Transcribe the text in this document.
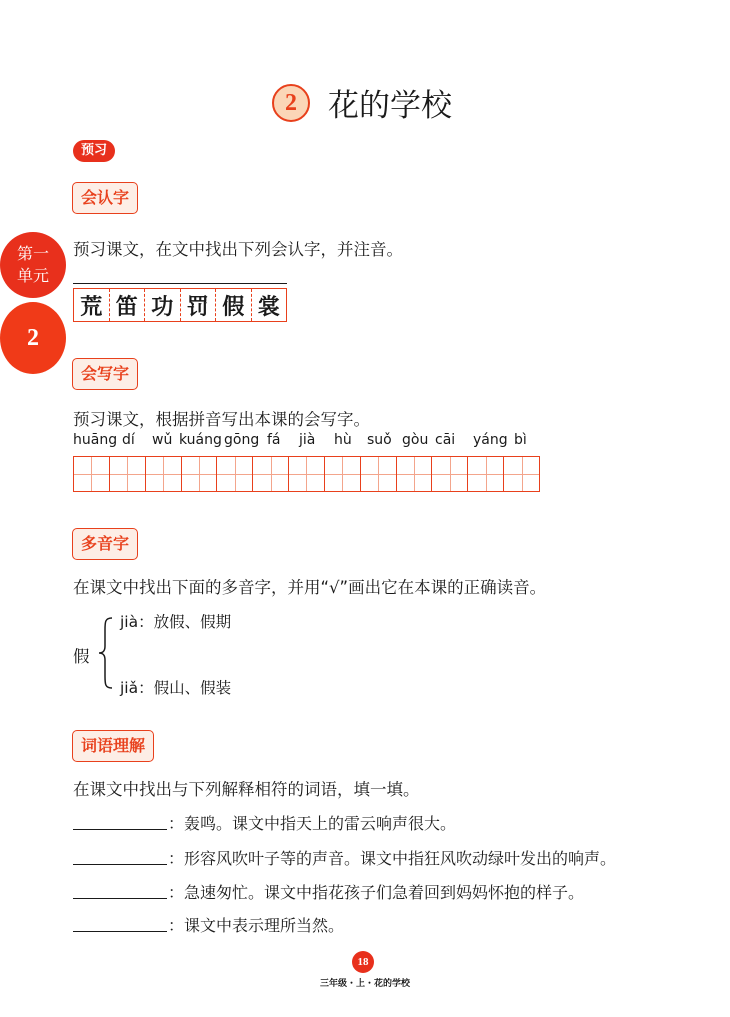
2	花的学校
预习
第一
单元
2
会认字
预习课文，在文中找出下列会认字，并注音。
荒 笛 功 罚 假 裳
会写字
预习课文，根据拼音写出本课的会写字。
huāng dí wǔ kuáng gōng fá jià hù suǒ gòu cāi yáng bì
多音字
在课文中找出下面的多音字，并用“√”画出它在本课的正确读音。
假
jià：放假、假期
jiǎ：假山、假装
词语理解
在课文中找出与下列解释相符的词语，填一填。
：轰鸣。课文中指天上的雷云响声很大。
：形容风吹叶子等的声音。课文中指狂风吹动绿叶发出的响声。
：急速匆忙。课文中指花孩子们急着回到妈妈怀抱的样子。
：课文中表示理所当然。
18
三年级・上・花的学校
